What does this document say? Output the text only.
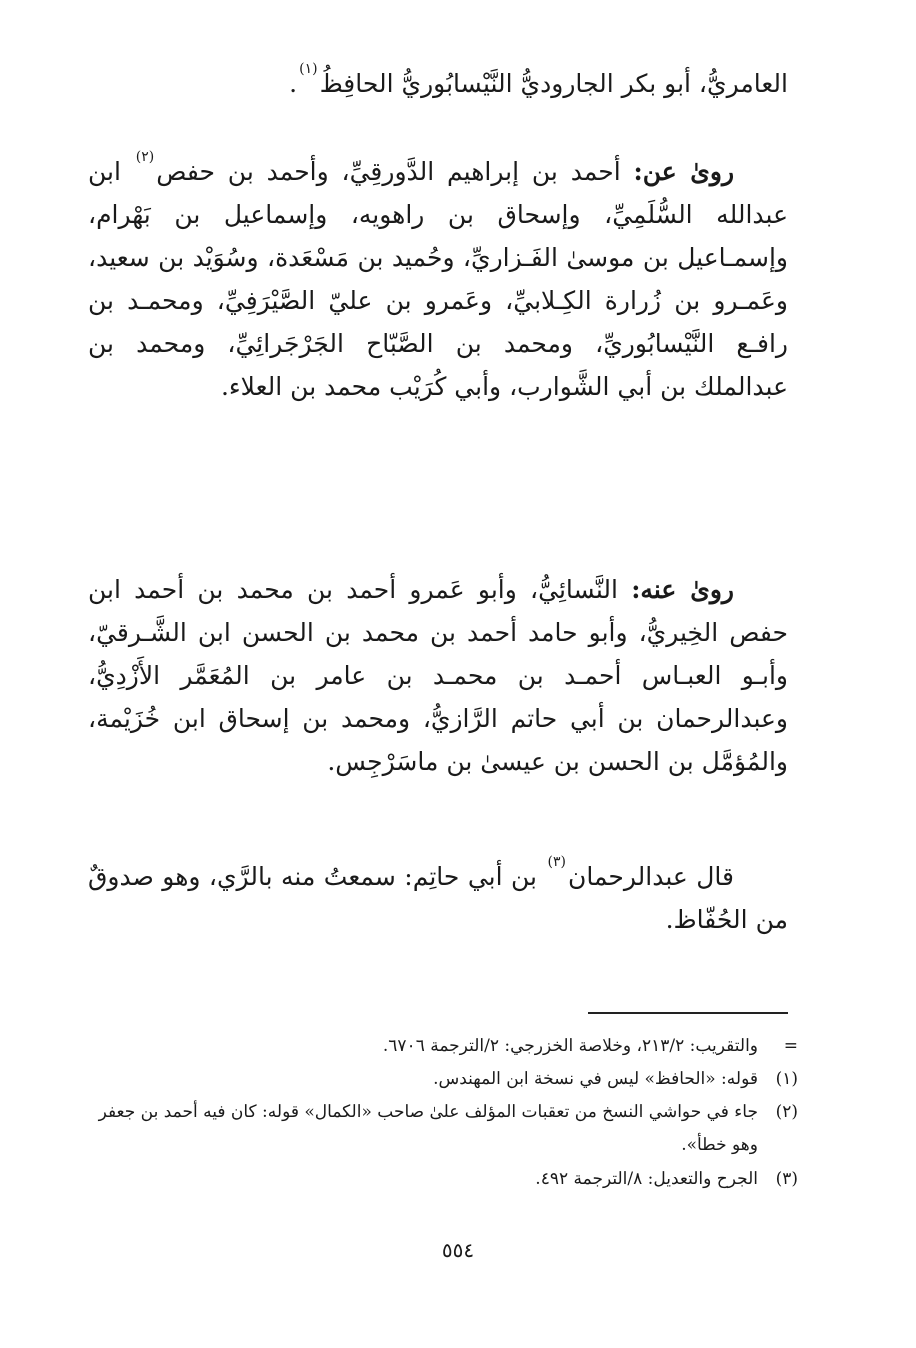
العامريُّ، أبو بكر الجاروديُّ النَّيْسابُوريُّ الحافِظُ$^{(١)}$.

روىٰ عن: أحمد بن إبراهيم الدَّورقِيِّ، وأحمد بن حفص$^{(٢)}$ ابن عبدالله السُّلَمِيِّ، وإسحاق بن راهويه، وإسماعيل بن بَهْرام، وإسمـاعيل بن موسىٰ الفَـزاريِّ، وحُميد بن مَسْعَدة، وسُوَيْد بن سعيد، وعَمـرو بن زُرارة الكِـلابيِّ، وعَمرو بن عليّ الصَّيْرَفِيِّ، ومحمـد بن رافـع النَّيْسابُوريِّ، ومحمد بن الصَّبّاح الجَرْجَرائِيِّ، ومحمد بن عبدالملك بن أبي الشَّوارب، وأبي كُرَيْب محمد بن العلاء.

روىٰ عنه: النَّسائِيُّ، وأبو عَمرو أحمد بن محمد بن أحمد ابن حفص الخِيريُّ، وأبو حامد أحمد بن محمد بن الحسن ابن الشَّـرقيّ، وأبـو العبـاس أحمـد بن محمـد بن عامر بن المُعَمَّر الأَزْدِيُّ، وعبدالرحمان بن أبي حاتم الرَّازيُّ، ومحمد بن إسحاق ابن خُزَيْمة، والمُؤمَّل بن الحسن بن عيسىٰ بن ماسَرْجِس.

قال عبدالرحمان$^{(٣)}$ بن أبي حاتِم: سمعتُ منه بالرَّي، وهو صدوقٌ من الحُفّاظ.

=
والتقريب: ٢١٣/٢، وخلاصة الخزرجي: ٢/الترجمة ٦٧٠٦.
(١)
قوله: «الحافظ» ليس في نسخة ابن المهندس.
(٢)
جاء في حواشي النسخ من تعقبات المؤلف علىٰ صاحب «الكمال» قوله: كان فيه أحمد بن جعفر وهو خطأ».
(٣)
الجرح والتعديل: ٨/الترجمة ٤٩٢.
٥٥٤
